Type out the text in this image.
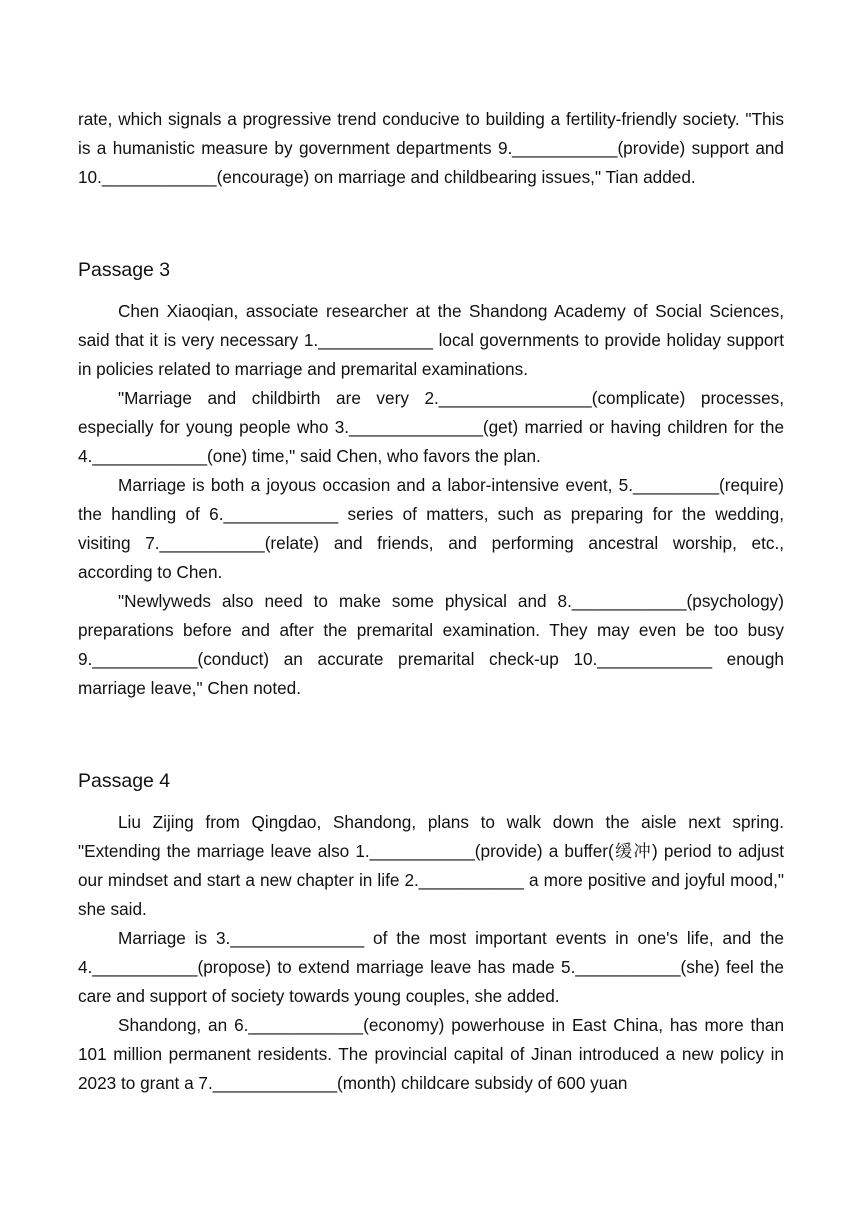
rate, which signals a progressive trend conducive to building a fertility-friendly society. "This is a humanistic measure by government departments 9.___________(provide) support and 10.____________(encourage) on marriage and childbearing issues," Tian added.

Passage 3

Chen Xiaoqian, associate researcher at the Shandong Academy of Social Sciences, said that it is very necessary 1.____________ local governments to provide holiday support in policies related to marriage and premarital examinations.

"Marriage and childbirth are very 2.________________(complicate) processes, especially for young people who 3.______________(get) married or having children for the 4.____________(one) time," said Chen, who favors the plan.

Marriage is both a joyous occasion and a labor-intensive event, 5._________(require) the handling of 6.____________ series of matters, such as preparing for the wedding, visiting 7.___________(relate) and friends, and performing ancestral worship, etc., according to Chen.

"Newlyweds also need to make some physical and 8.____________(psychology) preparations before and after the premarital examination. They may even be too busy 9.___________(conduct) an accurate premarital check-up 10.____________ enough marriage leave," Chen noted.

Passage 4

Liu Zijing from Qingdao, Shandong, plans to walk down the aisle next spring. "Extending the marriage leave also 1.___________(provide) a buffer(缓冲) period to adjust our mindset and start a new chapter in life 2.___________ a more positive and joyful mood," she said.

Marriage is 3.______________ of the most important events in one's life, and the 4.___________(propose) to extend marriage leave has made 5.___________(she) feel the care and support of society towards young couples, she added.

Shandong, an 6.____________(economy) powerhouse in East China, has more than 101 million permanent residents. The provincial capital of Jinan introduced a new policy in 2023 to grant a 7._____________(month) childcare subsidy of 600 yuan
